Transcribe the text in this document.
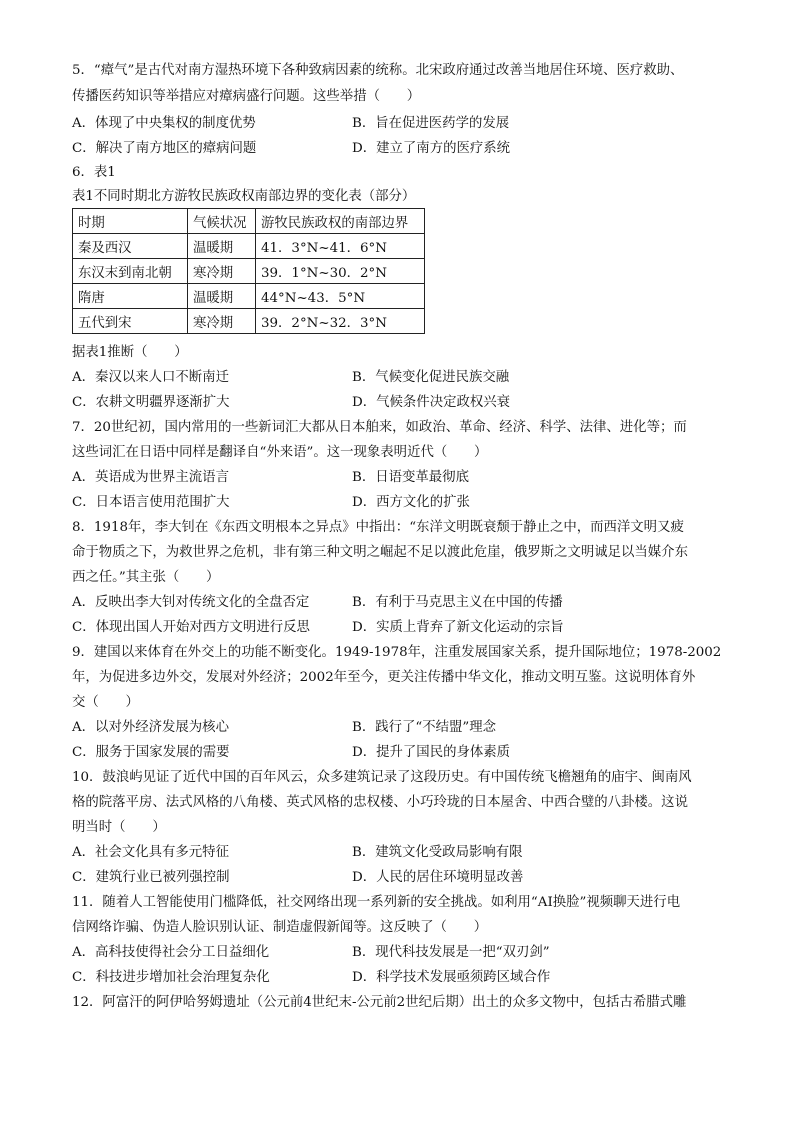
5．“瘴气”是古代对南方湿热环境下各种致病因素的统称。北宋政府通过改善当地居住环境、医疗救助、
传播医药知识等举措应对瘴病盛行问题。这些举措（　　）
A．体现了中央集权的制度优势	B．旨在促进医药学的发展
C．解决了南方地区的瘴病问题	D．建立了南方的医疗系统
6．表1
表1不同时期北方游牧民族政权南部边界的变化表（部分）
时期	气候状况	游牧民族政权的南部边界
秦及西汉	温暖期	41．3°N~41．6°N
东汉末到南北朝	寒冷期	39．1°N~30．2°N
隋唐	温暖期	44°N~43．5°N
五代到宋	寒冷期	39．2°N~32．3°N
据表1推断（　　）
A．秦汉以来人口不断南迁	B．气候变化促进民族交融
C．农耕文明疆界逐渐扩大	D．气候条件决定政权兴衰
7．20世纪初，国内常用的一些新词汇大都从日本舶来，如政治、革命、经济、科学、法律、进化等；而
这些词汇在日语中同样是翻译自“外来语”。这一现象表明近代（　　）
A．英语成为世界主流语言	B．日语变革最彻底
C．日本语言使用范围扩大	D．西方文化的扩张
8．1918年，李大钊在《东西文明根本之异点》中指出：“东洋文明既衰颓于静止之中，而西洋文明又疲
命于物质之下，为救世界之危机，非有第三种文明之崛起不足以渡此危崖，俄罗斯之文明诚足以当媒介东
西之任。”其主张（　　）
A．反映出李大钊对传统文化的全盘否定	B．有利于马克思主义在中国的传播
C．体现出国人开始对西方文明进行反思	D．实质上背弃了新文化运动的宗旨
9．建国以来体育在外交上的功能不断变化。1949-1978年，注重发展国家关系，提升国际地位；1978-2002
年，为促进多边外交，发展对外经济；2002年至今，更关注传播中华文化，推动文明互鉴。这说明体育外
交（　　）
A．以对外经济发展为核心	B．践行了“不结盟”理念
C．服务于国家发展的需要	D．提升了国民的身体素质
10．鼓浪屿见证了近代中国的百年风云，众多建筑记录了这段历史。有中国传统飞檐翘角的庙宇、闽南风
格的院落平房、法式风格的八角楼、英式风格的忠权楼、小巧玲珑的日本屋舍、中西合璧的八卦楼。这说
明当时（　　）
A．社会文化具有多元特征	B．建筑文化受政局影响有限
C．建筑行业已被列强控制	D．人民的居住环境明显改善
11．随着人工智能使用门槛降低，社交网络出现一系列新的安全挑战。如利用“AI换脸”视频聊天进行电
信网络诈骗、伪造人脸识别认证、制造虚假新闻等。这反映了（　　）
A．高科技使得社会分工日益细化	B．现代科技发展是一把“双刃剑”
C．科技进步增加社会治理复杂化	D．科学技术发展亟须跨区域合作
12．阿富汗的阿伊哈努姆遗址（公元前4世纪末-公元前2世纪后期）出土的众多文物中，包括古希腊式雕
